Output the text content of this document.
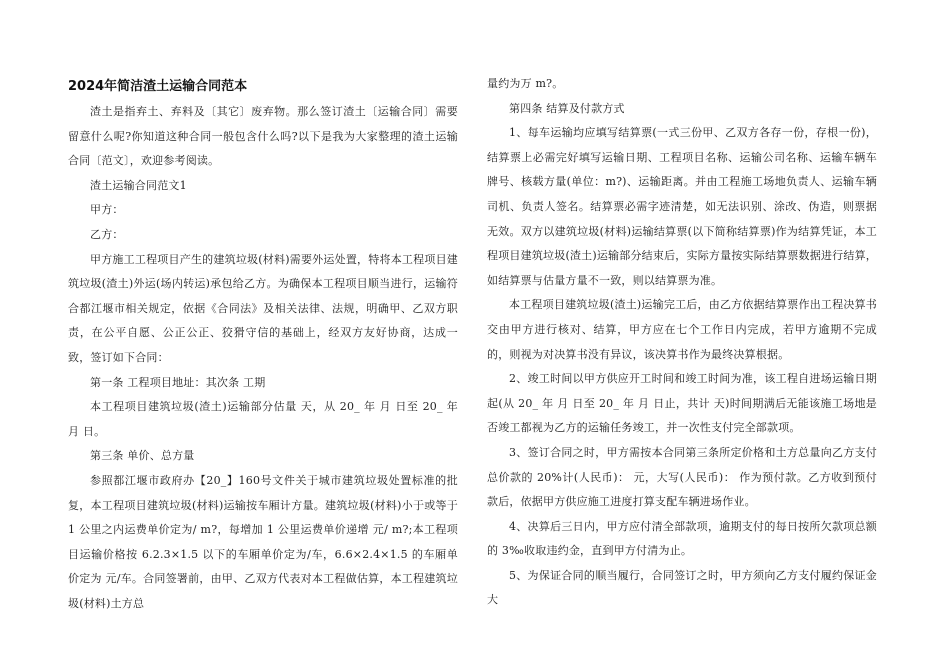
2024年简洁渣土运输合同范本

渣土是指弃土、弃料及〔其它〕废弃物。那么签订渣土〔运输合同〕需要留意什么呢?你知道这种合同一般包含什么吗?以下是我为大家整理的渣土运输合同〔范文〕，欢迎参考阅读。

渣土运输合同范文1

甲方：

乙方：

甲方施工工程项目产生的建筑垃圾(材料)需要外运处置，特将本工程项目建筑垃圾(渣土)外运(场内转运)承包给乙方。为确保本工程项目顺当进行，运输符合都江堰市相关规定，依据《合同法》及相关法律、法规，明确甲、乙双方职责，在公平自愿、公正公正、狡猾守信的基础上，经双方友好协商，达成一致，签订如下合同：

第一条 工程项目地址：其次条 工期

本工程项目建筑垃圾(渣土)运输部分估量 天，从 20_ 年 月 日至 20_ 年 月 日。

第三条 单价、总方量

参照都江堰市政府办【20_】160号文件关于城市建筑垃圾处置标准的批复，本工程项目建筑垃圾(材料)运输按车厢计方量。建筑垃圾(材料)小于或等于 1 公里之内运费单价定为/ m?，每增加 1 公里运费单价递增 元/ m?;本工程项目运输价格按 6.2.3×1.5 以下的车厢单价定为/车，6.6×2.4×1.5 的车厢单价定为 元/车。合同签署前，由甲、乙双方代表对本工程做估算，本工程建筑垃圾(材料)土方总

量约为万 m?。

第四条 结算及付款方式

1、每车运输均应填写结算票(一式三份甲、乙双方各存一份，存根一份)，结算票上必需完好填写运输日期、工程项目名称、运输公司名称、运输车辆车牌号、核载方量(单位：m?)、运输距离。并由工程施工场地负责人、运输车辆司机、负责人签名。结算票必需字迹清楚，如无法识别、涂改、伪造，则票据无效。双方以建筑垃圾(材料)运输结算票(以下简称结算票)作为结算凭证，本工程项目建筑垃圾(渣土)运输部分结束后，实际方量按实际结算票数据进行结算，如结算票与估量方量不一致，则以结算票为准。

本工程项目建筑垃圾(渣土)运输完工后，由乙方依据结算票作出工程决算书交由甲方进行核对、结算，甲方应在七个工作日内完成，若甲方逾期不完成的，则视为对决算书没有异议，该决算书作为最终决算根据。

2、竣工时间以甲方供应开工时间和竣工时间为准，该工程自进场运输日期起(从 20_ 年 月 日至 20_ 年 月 日止，共计 天)时间期满后无能该施工场地是否竣工都视为乙方的运输任务竣工，并一次性支付完全部款项。

3、签订合同之时，甲方需按本合同第三条所定价格和土方总量向乙方支付总价款的 20%计(人民币)： 元，大写(人民币)： 作为预付款。乙方收到预付款后，依据甲方供应施工进度打算支配车辆进场作业。

4、决算后三日内，甲方应付清全部款项，逾期支付的每日按所欠款项总额的 3‰收取违约金，直到甲方付清为止。

5、为保证合同的顺当履行，合同签订之时，甲方须向乙方支付履约保证金大
